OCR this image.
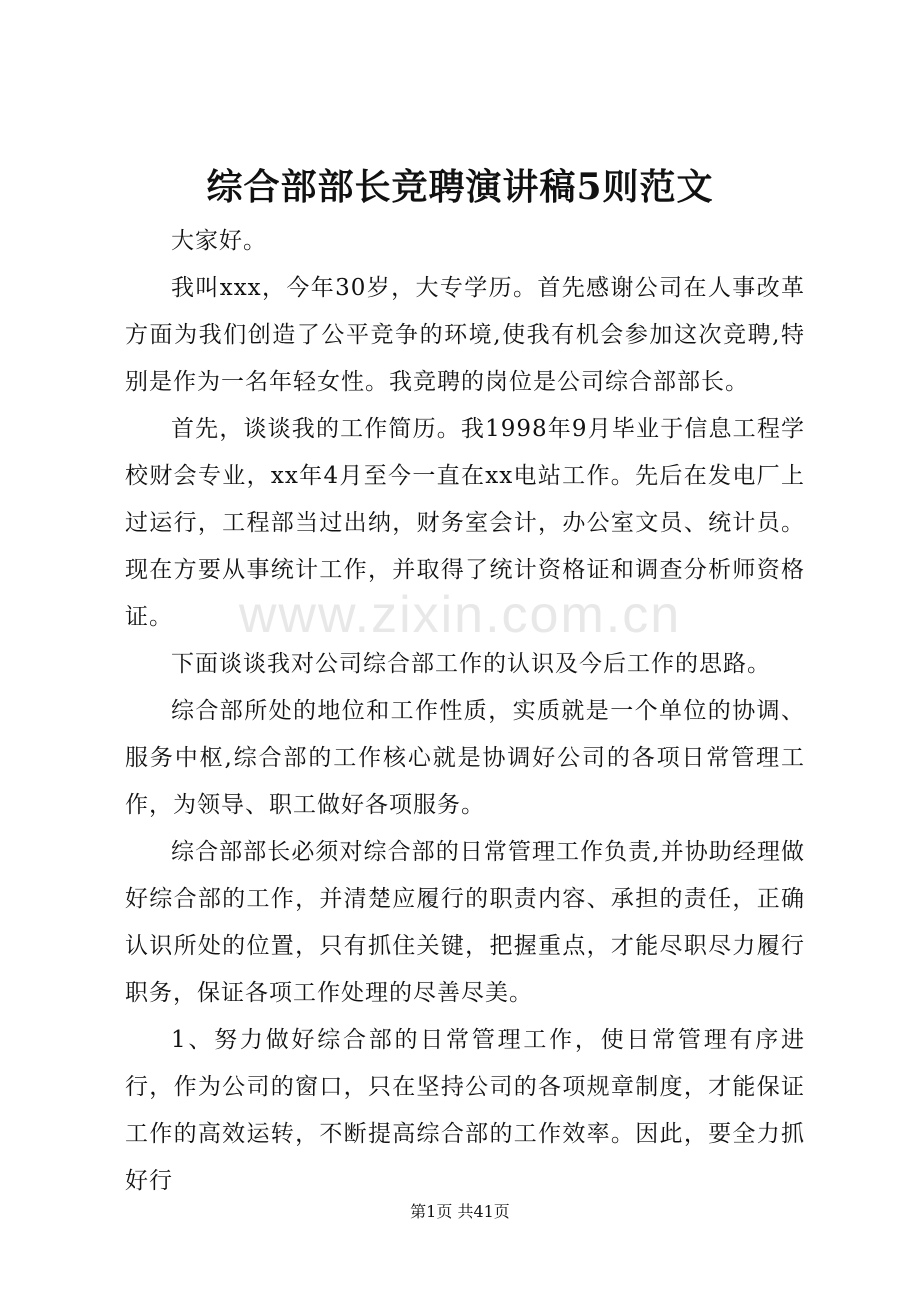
综合部部长竞聘演讲稿5则范文
www.zixin.com.cn

大家好。

我叫xxx，今年30岁，大专学历。首先感谢公司在人事改革方面为我们创造了公平竞争的环境,使我有机会参加这次竞聘,特别是作为一名年轻女性。我竞聘的岗位是公司综合部部长。

首先，谈谈我的工作简历。我1998年9月毕业于信息工程学校财会专业，xx年4月至今一直在xx电站工作。先后在发电厂上过运行，工程部当过出纳，财务室会计，办公室文员、统计员。现在方要从事统计工作，并取得了统计资格证和调查分析师资格证。

下面谈谈我对公司综合部工作的认识及今后工作的思路。

综合部所处的地位和工作性质，实质就是一个单位的协调、服务中枢,综合部的工作核心就是协调好公司的各项日常管理工作，为领导、职工做好各项服务。

综合部部长必须对综合部的日常管理工作负责,并协助经理做好综合部的工作，并清楚应履行的职责内容、承担的责任，正确认识所处的位置，只有抓住关键，把握重点，才能尽职尽力履行职务，保证各项工作处理的尽善尽美。

1、努力做好综合部的日常管理工作，使日常管理有序进行，作为公司的窗口，只在坚持公司的各项规章制度，才能保证工作的高效运转，不断提高综合部的工作效率。因此，要全力抓好行

第1页 共41页
